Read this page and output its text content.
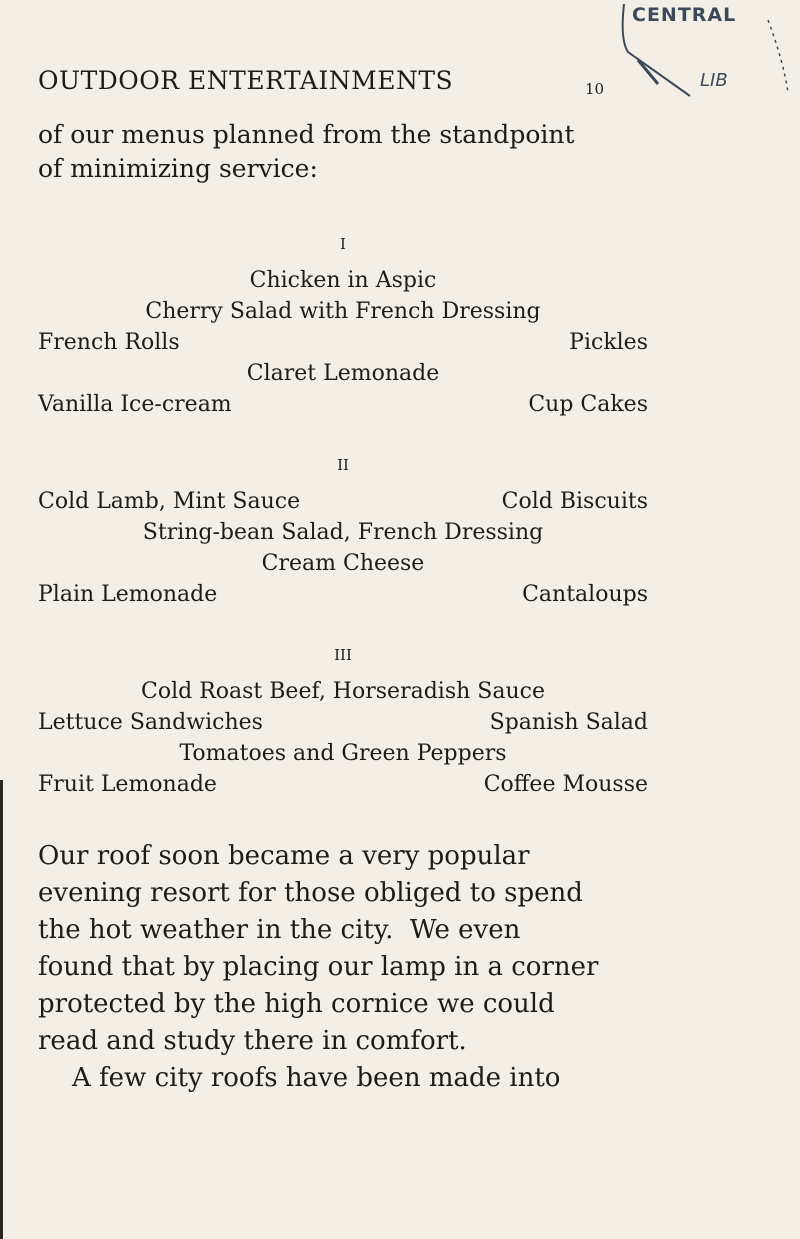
OUTDOOR ENTERTAINMENTS	10
CENTRAL
LIB
of our menus planned from the standpoint
of minimizing service:
I
Chicken in Aspic
Cherry Salad with French Dressing
French Rolls	Pickles
Claret Lemonade
Vanilla Ice-cream	Cup Cakes
II
Cold Lamb, Mint Sauce	Cold Biscuits
String-bean Salad, French Dressing
Cream Cheese
Plain Lemonade	Cantaloups
III
Cold Roast Beef, Horseradish Sauce
Lettuce Sandwiches	Spanish Salad
Tomatoes and Green Peppers
Fruit Lemonade	Coffee Mousse
Our roof soon became a very popular
evening resort for those obliged to spend
the hot weather in the city.  We even
found that by placing our lamp in a corner
protected by the high cornice we could
read and study there in comfort.
A few city roofs have been made into
